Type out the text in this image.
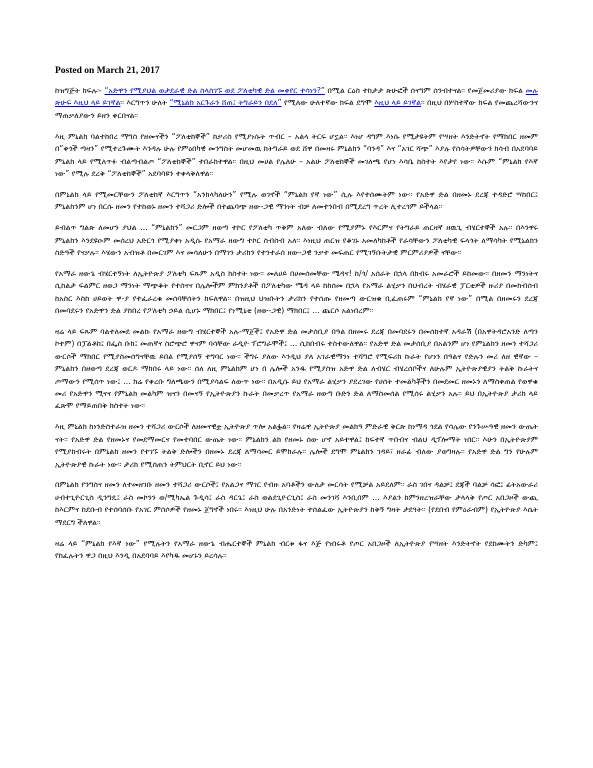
Posted on March 21, 2017

ከዝግጅት ክፍሉ፡- “አድዋን የሚያህል ወታደራዊ ድል ስላስገኙ ወደ ፖለቲካዊ ድል መቀየር ተሳነን?” በሚል ርዕስ ተከታታ ጽሁፎች ሰናግም ሰንብተናል፡፡ የመጀመሪያው ክፍል መሉ ጽሁፍ እዚህ ላይ ይገኛል፡፡ እርግጥን ሁለት “ሚኒልክ አርጉራን ሸጠ፤ ትግራይን በደለ” የሚለው ሁለተኛው ክፍል ደግሞ እዚህ ላይ ይገኛል፡፡ በዚህ በሦስተኛው ክፍል የመጨረሻውንና ማጠቃለያውን ይዘን ቀርበናል፡፡

እዚ ምኒልክ ባልተከበረ ማግስ የዘመናችን “ፖለቲከኞች” ከቃሪስ የሚያነሱት ጥብር – አልላ ትርፍ ሆኗል፡፡ እነሆ ዳግም እነሱ የሚታዩትም የሣዘት እንድትኖት የማክበር ዘመም በ“ቀጎች ጣዛን” የሚተረጉሙት እንዳሉ ሁሉ የምዕበካዊ መንግስት መሆመዉ ከትግራይ ወደ ሸዋ በመዛሩ ምኒልክን “ባንዳ” እና “አገር ሻጭ” እያሉ የሰሳትዎቸውን ክሳብ በአደባባይ ምኒልክ ላይ የሚለጥፉ ብልጣብልጦ “ፖለቲከኞች” ተበራክተዋል፡፡ በዚህ መሀል የሌለሁ – አልሁ ፖለቲከኞች መገለጫ የሆነ እሳቤ ከስተት እየታየ ነው፡፡ እሱም “ምኒልክ የእኛ ነው” የሚሉ ደረቅ “ፖለቲከኞች” አደባባዩን ተቀላቅለዋል፡፡

በምኒልክ ላይ የሚመርቸውን ፖለቲከኛ እርግጥን “አንክላካለሁን” የሚሉ ወገኖች “ምኒልክ የኛ ነው” ሲሉ እየተሰሙትም ነው፡፡ የአድዋ ድል በዘመኑ ደረጃ ተዳድሮ ሣከበር፤ ምኒልክንም ሆነ በርሱ ዘመን የተከወኑ ዘመን ተሻጋሪ ድሎች በተጨባጭ ዘው-ጋዊ ማንነት ብቻ ለመተንበብ በሚደረግ ጥረት ሊተረጎም ይችላል፡፡

ይብልጥ ግልጽ ለመሆን ያህል … “ምኒልክን” መርጋም ዘወጣ ተኮር የፖለቲካ ጥቅም አለው ብለው የሚያምኑ የእርምና የትግራይ ጠርዛኛ ዘዉጊ ብሄርተኞች አሉ፡፡ በእንዋሩ ምኒልክን እንደዩዑም መሰረህ አድርጎ የሚያቀነ አዲሱ የአማራ ዘውግ ተኮር ስብስብ አለ፡፡ እነዚህ ጠርዝ የቆገኑ አመለካከቶች የራሳቸውን ፖለቲካዊ ፍላጎት ለማሳካት የሚኒልክን ስድዓች የናቃሉ፡፡ እሄውን አብዝቶ በመርገም እና መሳለሁን በማገን ታሪክን የተንተራሰ ዘው-ጋዊ ንቃተ መፍጠር የሚገኝቡትታዊ ምርምሪያዎች ናቸው፡፡

የአማራ ዘውጌ ብሄርተኝነት ለኢትዮጵያ ፖለቲካ ፍጹም አዲስ ክስተት ነው፡፡ መለሀይ በሀመሰመቸው ሜዳና! ከ/ጎ/ አሰራት በኋላ በክብሩ አመራሮች ይከመው፡፡ በዘመን ማንነትና ሲከልታ ፍልምር ዘወጋ ማንነት ማጭቆት የተሰናና በሌሎችም ምክንያቶች በፖለቲካው ሜዳ ላይ ከከሰመ በኋላ የአማራ ልሂቃን በህብረት ብሄራዊ ፓርቲዎች ዙሪያ በመክብሰብ ከአስር እስከ ሀይወት ዋ-ያ የተፈራረቁ መሰባቸሰትን ከፍለዋል፡፡ በዝዚህ ህዝቡትን ታሪክን የተሰጡ የዘመጣ ውርዝቁ ቢፈጠሩም “ምኒልክ የኛ ነው” በሚል በዘመሩን ደረጃ በመባደሩን የአድዋን ድል ያከበረ የፖለቲካ ኃይል ሲሆኑ ማክበር፤ የነሚኒቲ (ዘው-ጋዊ) ማክበር፤ … ጨርሶ አልነበረም፡፡

ዛሬ ላይ ፍጹም ባልተለመደ መልኩ የአማራ ዘውግ ብሄርተኞች አሉ-ማጀች፤ የአድዋ ድል መታሰቢያ በዓል በዘመሩ ደረጃ በመባደሩን በመሰከተኛ አዳራሽ (በአዋትዳሮአንድ ለጣን ኮተም) በፓልቶከ፤ በፌስ ቡክ፤ መጠኛና ስሮጭሮ ዋናም ባሳቸው ራዲዮ ፕሮግራሞች፤ … ሲከበብሩ ተስተውለዋል፡፡ የአድዋ ድል መታሰቢያ በአልንም ሆነ የምኒልክን ዘመን ተሻጋሪ ውርሶች ማክበር የሚያስመሰግናቸዉ ይበል የሚያሰኝ ተግባር ነው፡፡ ችግሩ ያለው እንዲህ ያለ አገራዊማንነ ተሻግሮ የሚፍሪክ ኩራት የሆነን በዓልና የድሉን መሪ ለዘ ዊኛው – ምኒልክን በዘወጣ ደረጃ ወርዶ ማክበሩ ላይ ነው፡፡ ሰለ ለዚ ምኒልክም ሆነ በ ሌሎች አንዱ የሚያስዝ አድዋ ድል ለብሄር ብሄረሰቦችና ለሁሉም ኢትዮጵያዊያን ትልቅ ኩራትና ጦማውን የሚሰጥ ነው፤ … ክሬ የቀረቡ ግለጫውን በሚያሳልፍ ለውጥ ነው፡፡ በአዲሱ ይህ የአማራ ልሂቃን ያደረገው የሀሰት ተመልካቾችን በመደመር ዘመኑን ለማስቀጠል የወዋቁ መሪ የአድዋን ሚናና የምኒልክ መልካም ዝናን በመናኝ የኢትዮጵያን ኩራት በመቃረጥ የአማራ ዘውግ ቡድን ድል ለማስመሰል የሚሰሩ ልሂቃን አሉ፡፡ ይህ በኢትዮጵያ ታሪክ ላይ ፈጽሞ የማይጠበቅ ክስተት ነው፡፡

እዚ ምኒልክ ከነንድስተራዝ ዘመን ተሻጋሪ ውርሶች ለዘመናዊቷ ኢትዮጵያ ጥሎ አልፏል፡፡ የዛሬዋ ኢትዮጵያ መልክዓ ምድራዊ ቅርጽ ከነማዳ ጎደል የሳሌው የንጉሡዓዊ ዘመን ውጤት ናት፡፡ የአድዋ ድል የዘመኑና የመደማመርና የመተባበር ውጤት ነው፡፡ ምኒልክን ልክ የዘመኑ ሰው ሆኖ አይተዋል፤ ከፍተኛ ጥበብና ብልህ ዲፕሎማት ነበር፡፡ እሁን በኢትዮጵያም የሚያከብሩት በምኒልክ ዘመን የተገኙ ትልቅ ድሎችን በዘመኑ ደረጃ ለማሳመር ይሞክራሉ፡፡ ሌሎች ደግሞ ምኒልክን ገዳይ፣ ዘራፊ ብለው ያወግዛሉ፡፡ የአድዋ ድል ግን የሁሉም ኢትዮጵያዊ ኩራት ነው፡፡ ታሪክ የሚሰጠን ትምህርት ቢኖር ይህ ነው፡፡

በምኒልክ የንግስና ዘመን ለተመዘገቡ ዘመን ተሻጋሪ ውርሶች፤ የአልጋና ማገር የብዙ አባቶችን ውለታ መርሳት የሚቻል አይደለም፡፡ ራስ ገበና ዳልቻ፤ ደጃች ባልቻ ሳፎ፤ ፊትአውራሪ ሀብተጊዮርጊስ ዲንግዴ፤ ራስ መኮንን ወ/ሚካኤል ጉዲሳ፤ ራስ ዳርጌ፤ ራስ ወልደጊዮርጊስ፤ ራስ መንገሻ እንቢበም … እያልን ከምንዘረዝራቸው ታላላቅ የጦር አበጋዞች ውጪ ከእርምና ከደቡብ የተሰባሰቡ የአገር ምሰሶዎች የዘመኑ ጀግኖች ነበሩ፡፡ እነዚህ ሁሉ በአንድነት ተሰልፈው ኢትዮጵያን ከቅኝ ግዛት ታደጓት፡፡ (የደበብ የምዕራብም) የኢትዮጵያ እሴት ማደርግ ችለዋል፡፡

ዛሬ ላይ “ምኒልክ የእኛ ነው” የሚሉትን የአማራ ዘውጌ ብሔርተኞች ምኒልክ ብርቱ ፋና እጅ የነበሩቶ የጦር አበጋዞች ለኢትዮጵያ የሣዘት እንድትኖት የደከሙትን ድካም፤ የከፈሉትን ዋጋ በዚህ እንዲ በአደባባይ እየካዱ መሆኑን ይረሳሉ፡፡
